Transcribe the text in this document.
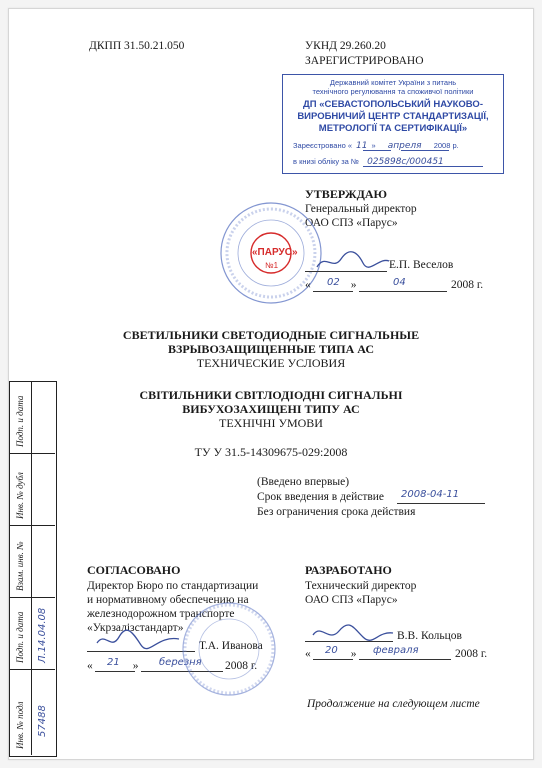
ДКПП 31.50.21.050	УКНД 29.260.20
ЗАРЕГИСТРИРОВАНО
Державний комітет України з питань
технічного регулювання та споживчої політики
ДП «СЕВАСТОПОЛЬСЬКИЙ НАУКОВО-
ВИРОБНИЧИЙ ЦЕНТР СТАНДАРТИЗАЦІЇ,
МЕТРОЛОГІЇ ТА СЕРТИФІКАЦІЇ»
Зареєстровано « 11 » апреля 2008 р.
в книзі обліку за № 025898с/000451
УТВЕРЖДАЮ
Генеральный директор
ОАО СПЗ «Парус»
«ПАРУС»
№1	Е.П. Веселов
«	»
02	04	2008 г.
СВЕТИЛЬНИКИ СВЕТОДИОДНЫЕ СИГНАЛЬНЫЕ
ВЗРЫВОЗАЩИЩЕННЫЕ ТИПА АС
ТЕХНИЧЕСКИЕ УСЛОВИЯ
СВІТИЛЬНИКИ СВІТЛОДІОДНІ СИГНАЛЬНІ
ВИБУХОЗАХИЩЕНІ ТИПУ АС
ТЕХНІЧНІ УМОВИ
ТУ У 31.5-14309675-029:2008
(Введено впервые)
Срок введения в действие 2008-04-11
Без ограничения срока действия
СОГЛАСОВАНО
Директор Бюро по стандартизации
и нормативному обеспечению на
железнодорожном транспорте
«Укрзалізстандарт»
Т.А. Иванова
«	»
21	березня 2008 г.
РАЗРАБОТАНО
Технический директор
ОАО СПЗ «Парус»
В.В. Кольцов
«	»
20	февраля	2008 г.
Продолжение на следующем листе
Подп. и дата
Инв. № дубл
Взам. инв. №
Подп. и дата
Инв. № подл
Л.14.04.08
57488
